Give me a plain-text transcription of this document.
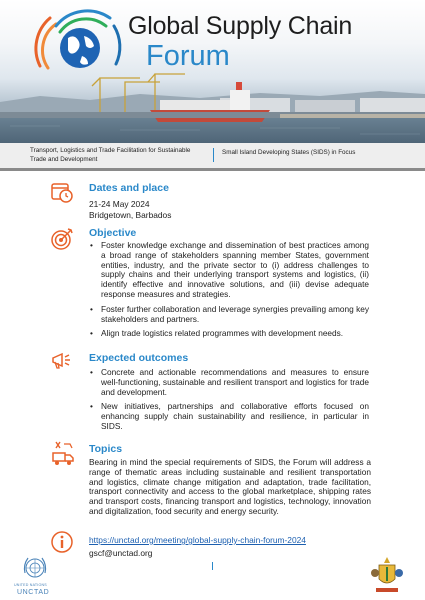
Global Supply Chain
Forum
Transport, Logistics and Trade Facilitation for Sustainable Trade and Development
Small Island Developing States (SIDS) in Focus
Dates and place
21-24 May 2024
Bridgetown, Barbados
Objective
• Foster knowledge exchange and dissemination of best practices among a broad range of stakeholders spanning member States, government entities, industry, and the private sector to (i) address challenges to supply chains and their underlying transport systems and logistics, (ii) identify effective and innovative solutions, and (iii) devise adequate response measures and strategies.
• Foster further collaboration and leverage synergies prevailing among key stakeholders and partners.
• Align trade logistics related programmes with development needs.
Expected outcomes
• Concrete and actionable recommendations and measures to ensure well-functioning, sustainable and resilient transport and logistics for trade and development.
• New initiatives, partnerships and collaborative efforts focused on enhancing supply chain sustainability and resilience, in particular in SIDS.
Topics
Bearing in mind the special requirements of SIDS, the Forum will address a range of thematic areas including sustainable and resilient transportation and logistics, climate change mitigation and adaptation, trade facilitation, transport connectivity and access to the global marketplace, shipping rates and transport costs, financing transport and logistics, technology, innovation and digitalization, food security and energy security.
https://unctad.org/meeting/global-supply-chain-forum-2024
gscf@unctad.org
UNITED NATIONS
UNCTAD
